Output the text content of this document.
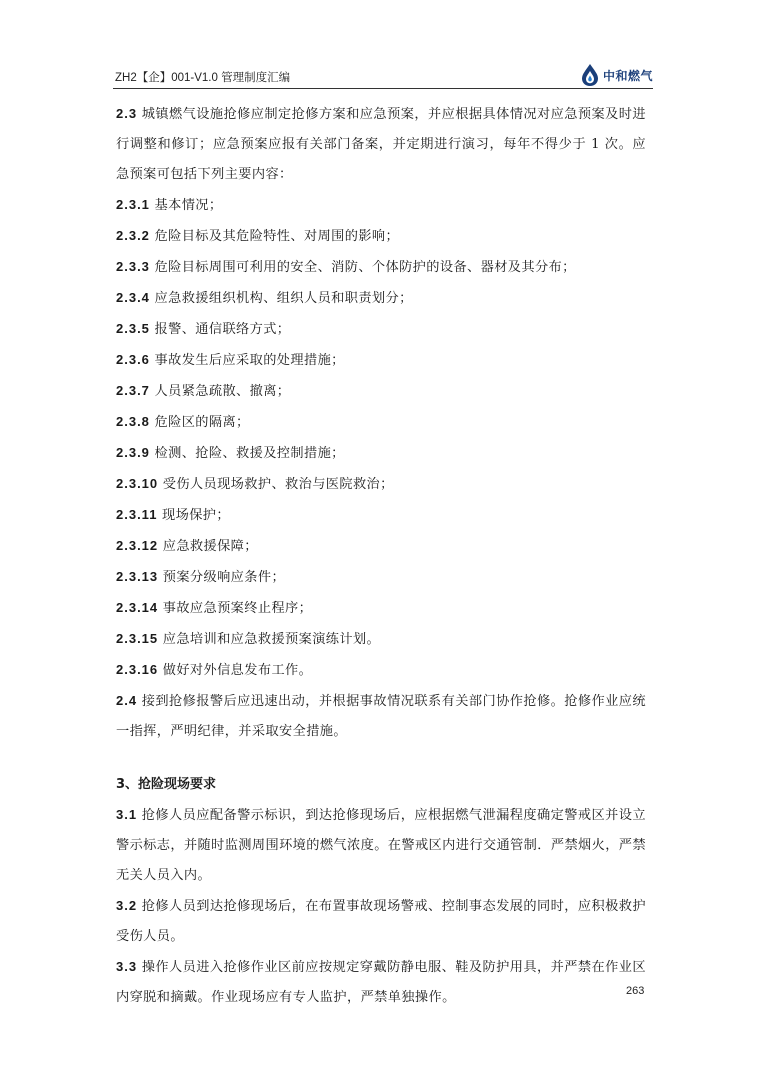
ZH2【企】001-V1.0 管理制度汇编	中和燃气

2.3 城镇燃气设施抢修应制定抢修方案和应急预案，并应根据具体情况对应急预案及时进行调整和修订；应急预案应报有关部门备案，并定期进行演习，每年不得少于 1 次。应急预案可包括下列主要内容：

2.3.1 基本情况；

2.3.2 危险目标及其危险特性、对周围的影响；

2.3.3 危险目标周围可利用的安全、消防、个体防护的设备、器材及其分布；

2.3.4 应急救援组织机构、组织人员和职责划分；

2.3.5 报警、通信联络方式；

2.3.6 事故发生后应采取的处理措施；

2.3.7 人员紧急疏散、撤离；

2.3.8 危险区的隔离；

2.3.9 检测、抢险、救援及控制措施；

2.3.10 受伤人员现场救护、救治与医院救治；

2.3.11 现场保护；

2.3.12 应急救援保障；

2.3.13 预案分级响应条件；

2.3.14 事故应急预案终止程序；

2.3.15 应急培训和应急救援预案演练计划。

2.3.16 做好对外信息发布工作。

2.4 接到抢修报警后应迅速出动，并根据事故情况联系有关部门协作抢修。抢修作业应统一指挥，严明纪律，并采取安全措施。

3、抢险现场要求

3.1 抢修人员应配备警示标识，到达抢修现场后，应根据燃气泄漏程度确定警戒区并设立警示标志，并随时监测周围环境的燃气浓度。在警戒区内进行交通管制．严禁烟火，严禁无关人员入内。

3.2 抢修人员到达抢修现场后，在布置事故现场警戒、控制事态发展的同时，应积极救护受伤人员。

3.3 操作人员进入抢修作业区前应按规定穿戴防静电服、鞋及防护用具，并严禁在作业区内穿脱和摘戴。作业现场应有专人监护，严禁单独操作。	263
